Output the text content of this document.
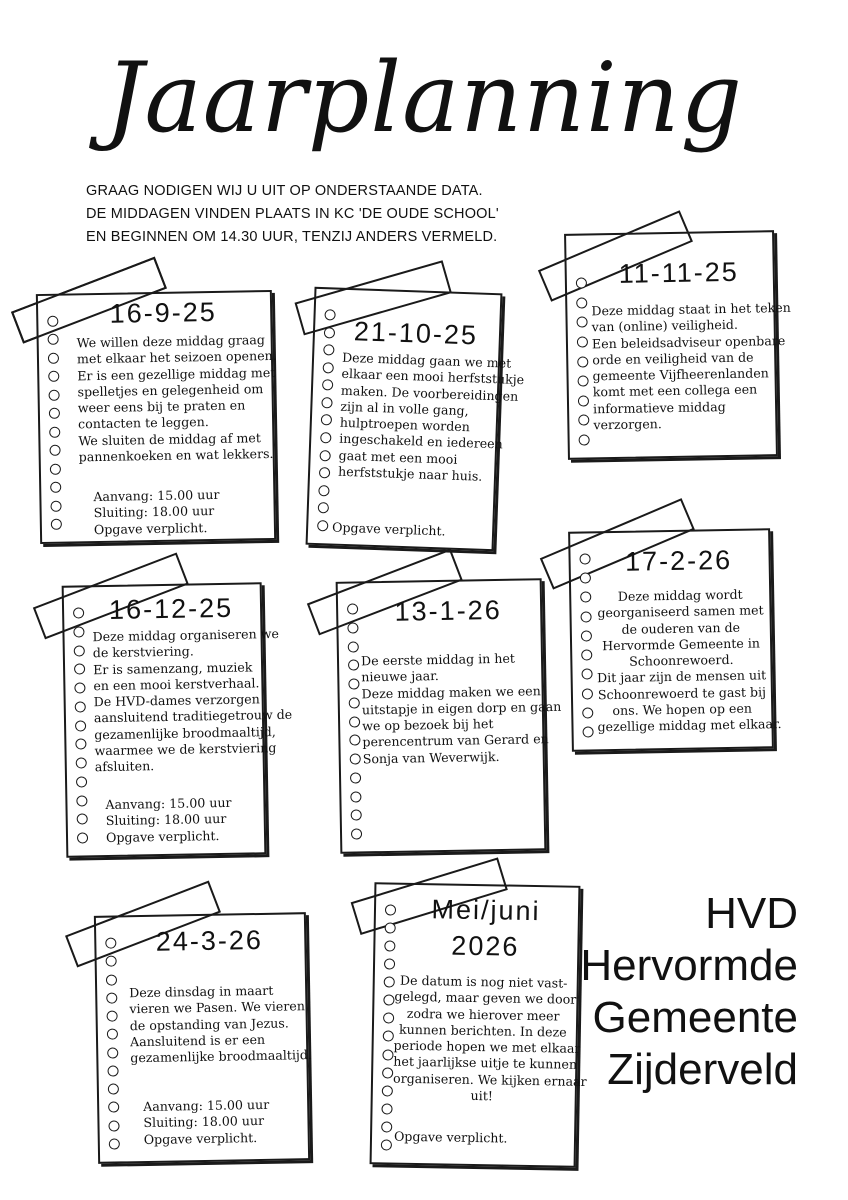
Jaarplanning
GRAAG NODIGEN WIJ U UIT OP ONDERSTAANDE DATA.
DE MIDDAGEN VINDEN PLAATS IN KC 'DE OUDE SCHOOL'
EN BEGINNEN OM 14.30 UUR, TENZIJ ANDERS VERMELD.
16-9-25
We willen deze middag graag
met elkaar het seizoen openen.
Er is een gezellige middag met
spelletjes en gelegenheid om
weer eens bij te praten en
contacten te leggen.
We sluiten de middag af met
pannenkoeken en wat lekkers.
Aanvang: 15.00 uur
Sluiting: 18.00 uur
Opgave verplicht.
21-10-25
Deze middag gaan we met
elkaar een mooi herfststukje
maken. De voorbereidingen
zijn al in volle gang,
hulptroepen worden
ingeschakeld en iedereen
gaat met een mooi
herfststukje naar huis.
Opgave verplicht.
11-11-25
Deze middag staat in het teken
van (online) veiligheid.
Een beleidsadviseur openbare
orde en veiligheid van de
gemeente Vijfheerenlanden
komt met een collega een
informatieve middag
verzorgen.
16-12-25
Deze middag organiseren we
de kerstviering.
Er is samenzang, muziek
en een mooi kerstverhaal.
De HVD-dames verzorgen
aansluitend traditiegetrouw de
gezamenlijke broodmaaltijd,
waarmee we de kerstviering
afsluiten.
Aanvang: 15.00 uur
Sluiting: 18.00 uur
Opgave verplicht.
13-1-26
De eerste middag in het
nieuwe jaar.
Deze middag maken we een
uitstapje in eigen dorp en gaan
we op bezoek bij het
perencentrum van Gerard en
Sonja van Weverwijk.
17-2-26
Deze middag wordt
georganiseerd samen met
de ouderen van de
Hervormde Gemeente in
Schoonrewoerd.
Dit jaar zijn de mensen uit
Schoonrewoerd te gast bij
ons. We hopen op een
gezellige middag met elkaar.
24-3-26
Deze dinsdag in maart
vieren we Pasen. We vieren
de opstanding van Jezus.
Aansluitend is er een
gezamenlijke broodmaaltijd.
Aanvang: 15.00 uur
Sluiting: 18.00 uur
Opgave verplicht.
Mei/juni
2026
De datum is nog niet vast-
gelegd, maar geven we door
zodra we hierover meer
kunnen berichten. In deze
periode hopen we met elkaar
het jaarlijkse uitje te kunnen
organiseren. We kijken ernaar
uit!
Opgave verplicht.
HVD
Hervormde
Gemeente
Zijderveld
